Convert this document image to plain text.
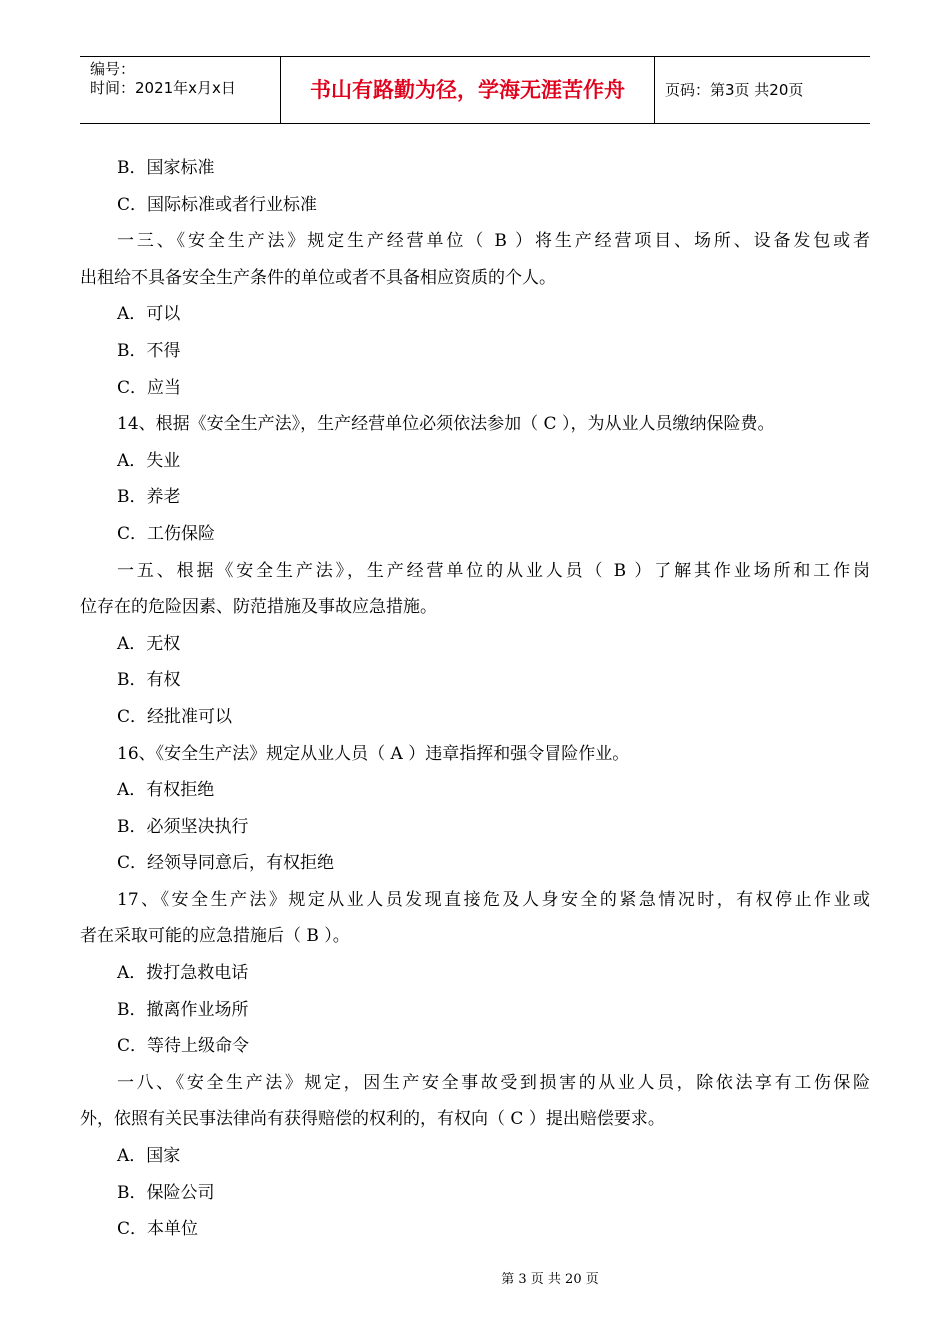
编号：
时间：2021年x月x日	书山有路勤为径，学海无涯苦作舟	页码：第3页 共20页
B．国家标准
C．国际标准或者行业标准
一三、《安全生产法》规定生产经营单位（ B ）将生产经营项目、场所、设备发包或者
出租给不具备安全生产条件的单位或者不具备相应资质的个人。
A．可以
B．不得
C．应当
14、根据《安全生产法》，生产经营单位必须依法参加（ C ），为从业人员缴纳保险费。
A．失业
B．养老
C．工伤保险
一五、根据《安全生产法》，生产经营单位的从业人员（ B ）了解其作业场所和工作岗
位存在的危险因素、防范措施及事故应急措施。
A．无权
B．有权
C．经批准可以
16、《安全生产法》规定从业人员（ A ）违章指挥和强令冒险作业。
A．有权拒绝
B．必须坚决执行
C．经领导同意后，有权拒绝
17、《安全生产法》规定从业人员发现直接危及人身安全的紧急情况时，有权停止作业或
者在采取可能的应急措施后（ B ）。
A．拨打急救电话
B．撤离作业场所
C．等待上级命令
一八、《安全生产法》规定，因生产安全事故受到损害的从业人员，除依法享有工伤保险
外，依照有关民事法律尚有获得赔偿的权利的，有权向（ C ）提出赔偿要求。
A．国家
B．保险公司
C．本单位
第 3 页 共 20 页
